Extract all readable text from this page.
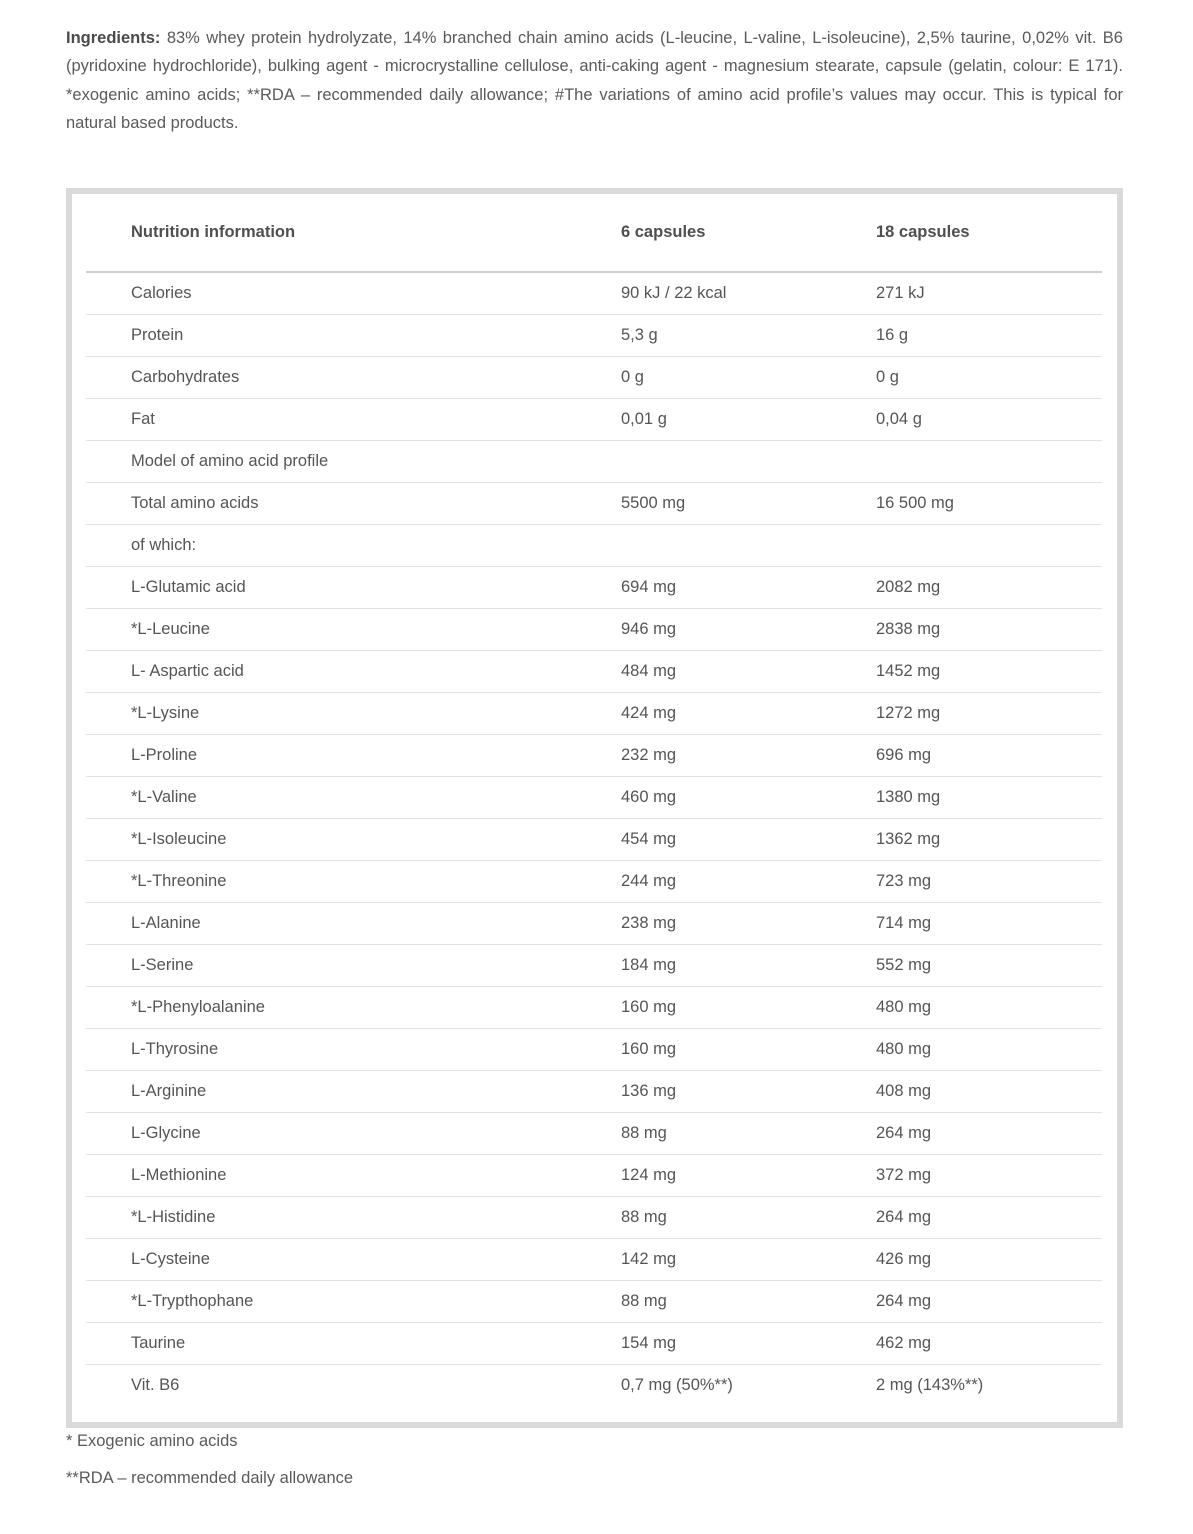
Ingredients: 83% whey protein hydrolyzate, 14% branched chain amino acids (L-leucine, L-valine, L-isoleucine), 2,5% taurine, 0,02% vit. B6 (pyridoxine hydrochloride), bulking agent - microcrystalline cellulose, anti-caking agent - magnesium stearate, capsule (gelatin, colour: E 171). *exogenic amino acids; **RDA – recommended daily allowance; #The variations of amino acid profile’s values may occur. This is typical for natural based products.

Nutrition information	6 capsules	18 capsules
Calories	90 kJ / 22 kcal	271 kJ
Protein	5,3 g	16 g
Carbohydrates	0 g	0 g
Fat	0,01 g	0,04 g
Model of amino acid profile		
Total amino acids	5500 mg	16 500 mg
of which:		
L-Glutamic acid	694 mg	2082 mg
*L-Leucine	946 mg	2838 mg
L- Aspartic acid	484 mg	1452 mg
*L-Lysine	424 mg	1272 mg
L-Proline	232 mg	696 mg
*L-Valine	460 mg	1380 mg
*L-Isoleucine	454 mg	1362 mg
*L-Threonine	244 mg	723 mg
L-Alanine	238 mg	714 mg
L-Serine	184 mg	552 mg
*L-Phenyloalanine	160 mg	480 mg
L-Thyrosine	160 mg	480 mg
L-Arginine	136 mg	408 mg
L-Glycine	88 mg	264 mg
L-Methionine	124 mg	372 mg
*L-Histidine	88 mg	264 mg
L-Cysteine	142 mg	426 mg
*L-Trypthophane	88 mg	264 mg
Taurine	154 mg	462 mg
Vit. B6	0,7 mg (50%**)	2 mg (143%**)

* Exogenic amino acids

**RDA – recommended daily allowance
